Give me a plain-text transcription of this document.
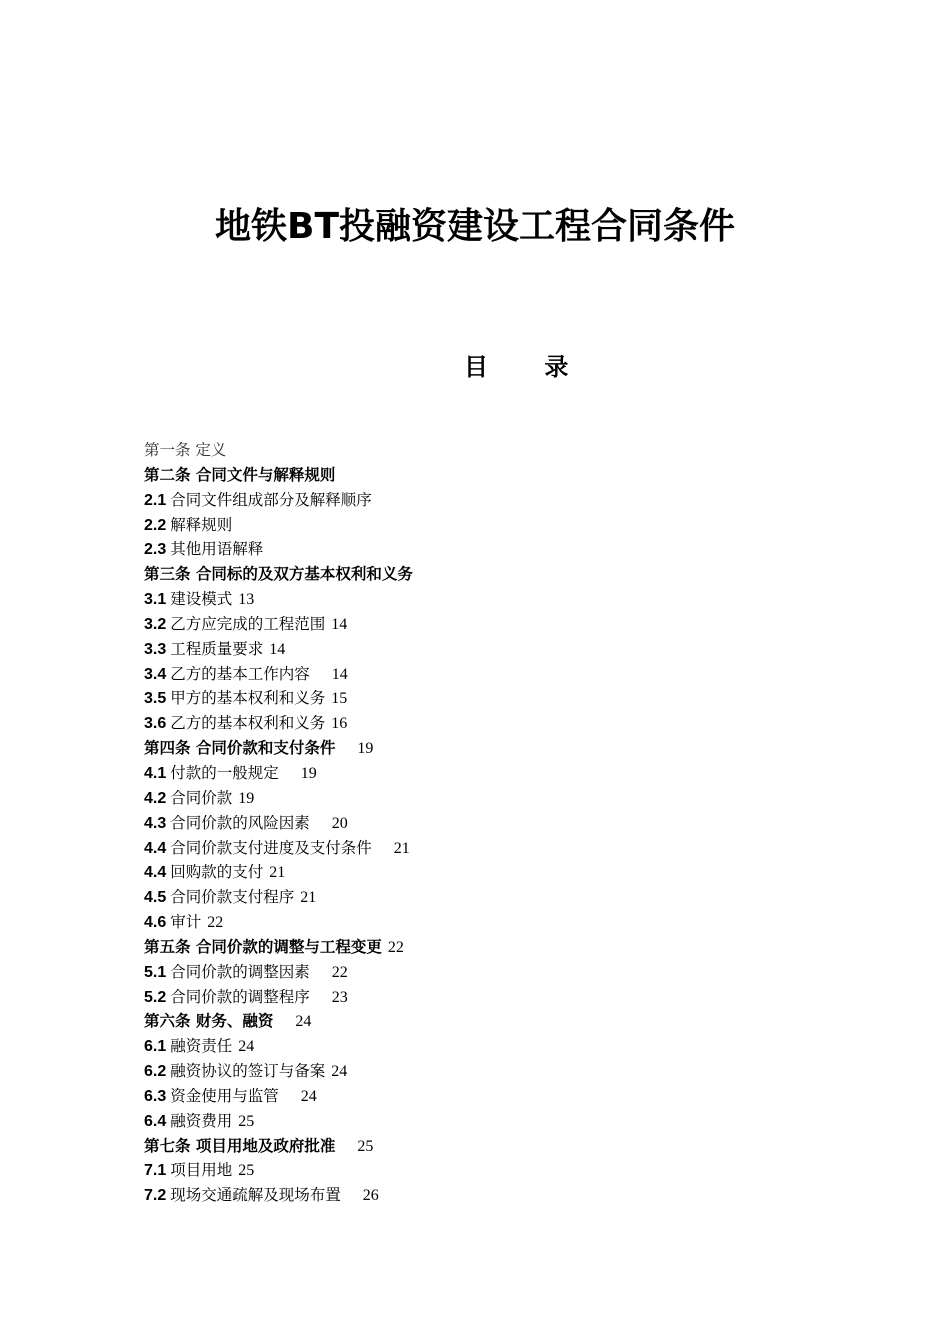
地铁BT投融资建设工程合同条件
目 录
第一条 定义
第二条 合同文件与解释规则
2.1 合同文件组成部分及解释顺序
2.2 解释规则
2.3 其他用语解释
第三条 合同标的及双方基本权利和义务
3.1 建设模式 13
3.2 乙方应完成的工程范围 14
3.3 工程质量要求 14
3.4 乙方的基本工作内容 14
3.5 甲方的基本权利和义务 15
3.6 乙方的基本权利和义务 16
第四条 合同价款和支付条件 19
4.1 付款的一般规定 19
4.2 合同价款 19
4.3 合同价款的风险因素 20
4.4 合同价款支付进度及支付条件 21
4.4 回购款的支付 21
4.5 合同价款支付程序 21
4.6 审计 22
第五条 合同价款的调整与工程变更 22
5.1 合同价款的调整因素 22
5.2 合同价款的调整程序 23
第六条 财务、融资 24
6.1 融资责任 24
6.2 融资协议的签订与备案 24
6.3 资金使用与监管 24
6.4 融资费用 25
第七条 项目用地及政府批准 25
7.1 项目用地 25
7.2 现场交通疏解及现场布置 26
